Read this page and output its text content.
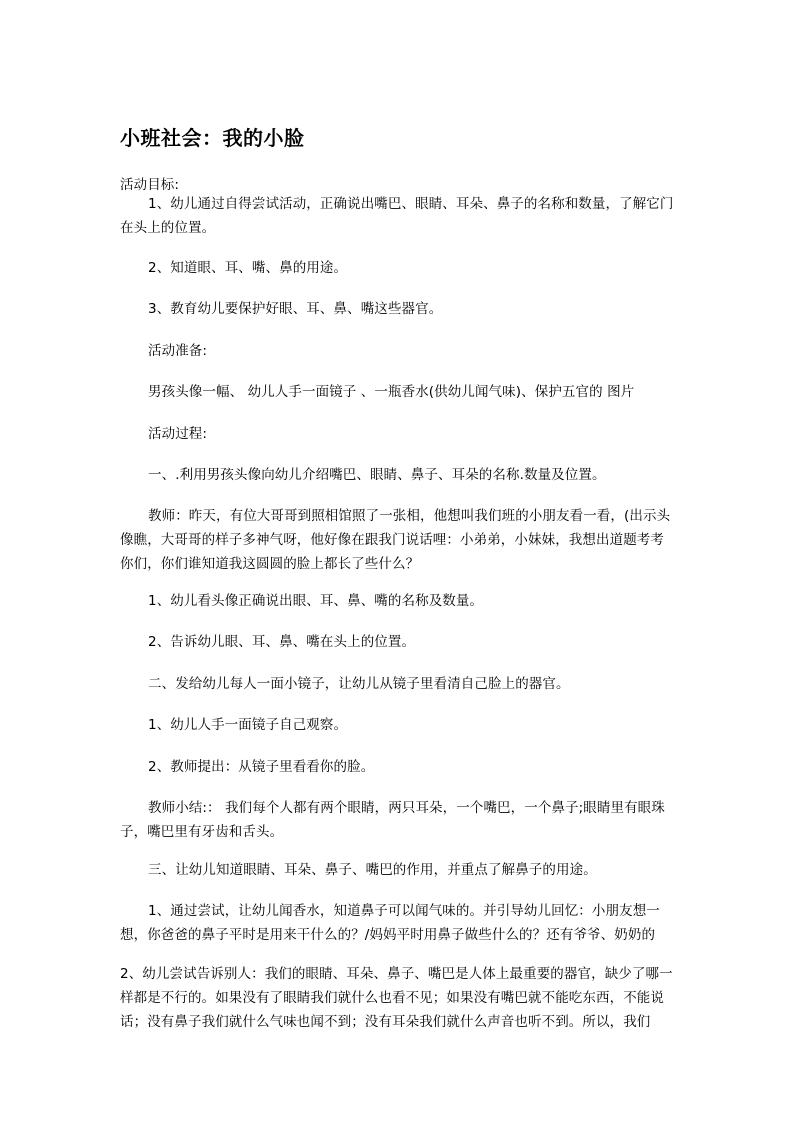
小班社会：我的小脸

活动目标:

1、幼儿通过自得尝试活动，正确说出嘴巴、眼睛、耳朵、鼻子的名称和数量，了解它门在头上的位置。

2、知道眼、耳、嘴、鼻的用途。

3、教育幼儿要保护好眼、耳、鼻、嘴这些器官。

活动准备:

男孩头像一幅、 幼儿人手一面镜子 、一瓶香水(供幼儿闻气味)、保护五官的 图片

活动过程:

一、.利用男孩头像向幼儿介绍嘴巴、眼睛、鼻子、耳朵的名称.数量及位置。

教师：昨天，有位大哥哥到照相馆照了一张相，他想叫我们班的小朋友看一看，(出示头像瞧，大哥哥的样子多神气呀，他好像在跟我门说话哩：小弟弟，小妹妹，我想出道题考考你们，你们谁知道我这圆圆的脸上都长了些什么？

1、幼儿看头像正确说出眼、耳、鼻、嘴的名称及数量。

2、告诉幼儿眼、耳、鼻、嘴在头上的位置。

二、发给幼儿每人一面小镜子，让幼儿从镜子里看清自己脸上的器官。

1、幼儿人手一面镜子自己观察。

2、教师提出：从镜子里看看你的脸。

教师小结:： 我们每个人都有两个眼睛，两只耳朵，一个嘴巴，一个鼻子;眼睛里有眼珠子，嘴巴里有牙齿和舌头。

三、让幼儿知道眼睛、耳朵、鼻子、嘴巴的作用，并重点了解鼻子的用途。

1、通过尝试，让幼儿闻香水，知道鼻子可以闻气味的。并引导幼儿回忆：小朋友想一想，你爸爸的鼻子平时是用来干什么的？/妈妈平时用鼻子做些什么的？还有爷爷、奶奶的

2、幼儿尝试告诉别人：我们的眼睛、耳朵、鼻子、嘴巴是人体上最重要的器官，缺少了哪一样都是不行的。如果没有了眼睛我们就什么也看不见；如果没有嘴巴就不能吃东西，不能说话；没有鼻子我们就什么气味也闻不到；没有耳朵我们就什么声音也听不到。所以，我们
